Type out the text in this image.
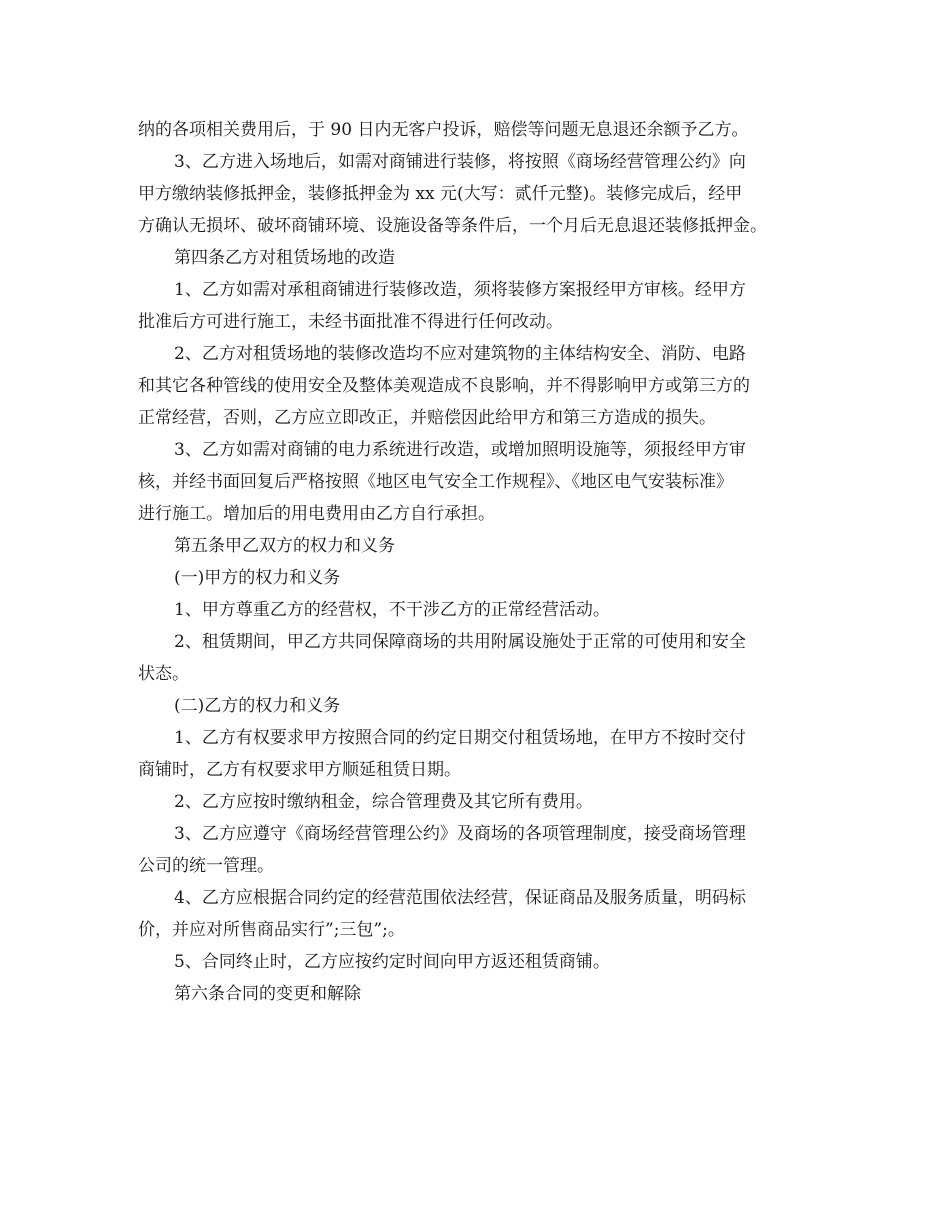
纳的各项相关费用后，于 90 日内无客户投诉，赔偿等问题无息退还余额予乙方。
3、乙方进入场地后，如需对商铺进行装修，将按照《商场经营管理公约》向
甲方缴纳装修抵押金，装修抵押金为 xx 元(大写：贰仟元整)。装修完成后，经甲
方确认无损坏、破坏商铺环境、设施设备等条件后，一个月后无息退还装修抵押金。
第四条乙方对租赁场地的改造
1、乙方如需对承租商铺进行装修改造，须将装修方案报经甲方审核。经甲方
批准后方可进行施工，未经书面批准不得进行任何改动。
2、乙方对租赁场地的装修改造均不应对建筑物的主体结构安全、消防、电路
和其它各种管线的使用安全及整体美观造成不良影响，并不得影响甲方或第三方的
正常经营，否则，乙方应立即改正，并赔偿因此给甲方和第三方造成的损失。
3、乙方如需对商铺的电力系统进行改造，或增加照明设施等，须报经甲方审
核，并经书面回复后严格按照《地区电气安全工作规程》、《地区电气安装标准》
进行施工。增加后的用电费用由乙方自行承担。
第五条甲乙双方的权力和义务
(一)甲方的权力和义务
1、甲方尊重乙方的经营权，不干涉乙方的正常经营活动。
2、租赁期间，甲乙方共同保障商场的共用附属设施处于正常的可使用和安全
状态。
(二)乙方的权力和义务
1、乙方有权要求甲方按照合同的约定日期交付租赁场地，在甲方不按时交付
商铺时，乙方有权要求甲方顺延租赁日期。
2、乙方应按时缴纳租金，综合管理费及其它所有费用。
3、乙方应遵守《商场经营管理公约》及商场的各项管理制度，接受商场管理
公司的统一管理。
4、乙方应根据合同约定的经营范围依法经营，保证商品及服务质量，明码标
价，并应对所售商品实行”;三包”;。
5、合同终止时，乙方应按约定时间向甲方返还租赁商铺。
第六条合同的变更和解除
